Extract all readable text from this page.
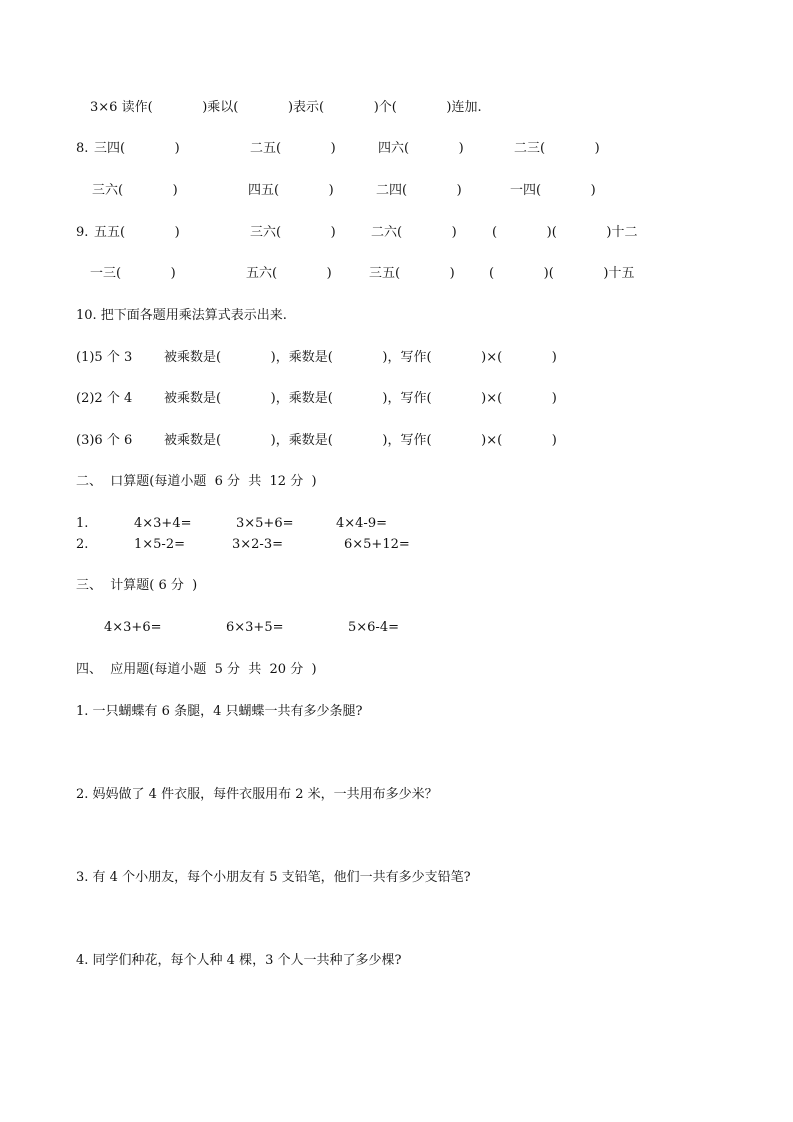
3×6 读作(            )乘以(            )表示(            )个(            )连加.
8. 三四(            )	二五(            )	四六(            )	二三(            )
三六(            )	四五(            )	二四(            )	一四(            )
9. 五五(            )	三六(            )	二六(            )	(            )(            )十二
一三(            )	五六(            )	三五(            )	(            )(            )十五
10. 把下面各题用乘法算式表示出来.
(1)5 个 3 被乘数是(            )，乘数是(            )，写作(            )×(            )
(2)2 个 4 被乘数是(            )，乘数是(            )，写作(            )×(            )
(3)6 个 6 被乘数是(            )，乘数是(            )，写作(            )×(            )
二、  口算题(每道小题  6 分  共  12 分  )
1.	4×3+4=	3×5+6=	4×4-9=
2.	1×5-2=	3×2-3=	6×5+12=
三、  计算题( 6 分  )
4×3+6=	6×3+5=	5×6-4=
四、  应用题(每道小题  5 分  共  20 分  )
1. 一只蝴蝶有 6 条腿，4 只蝴蝶一共有多少条腿?
2. 妈妈做了 4 件衣服，每件衣服用布 2 米，一共用布多少米？
3. 有 4 个小朋友，每个小朋友有 5 支铅笔，他们一共有多少支铅笔?
4. 同学们种花，每个人种 4 棵，3 个人一共种了多少棵?
